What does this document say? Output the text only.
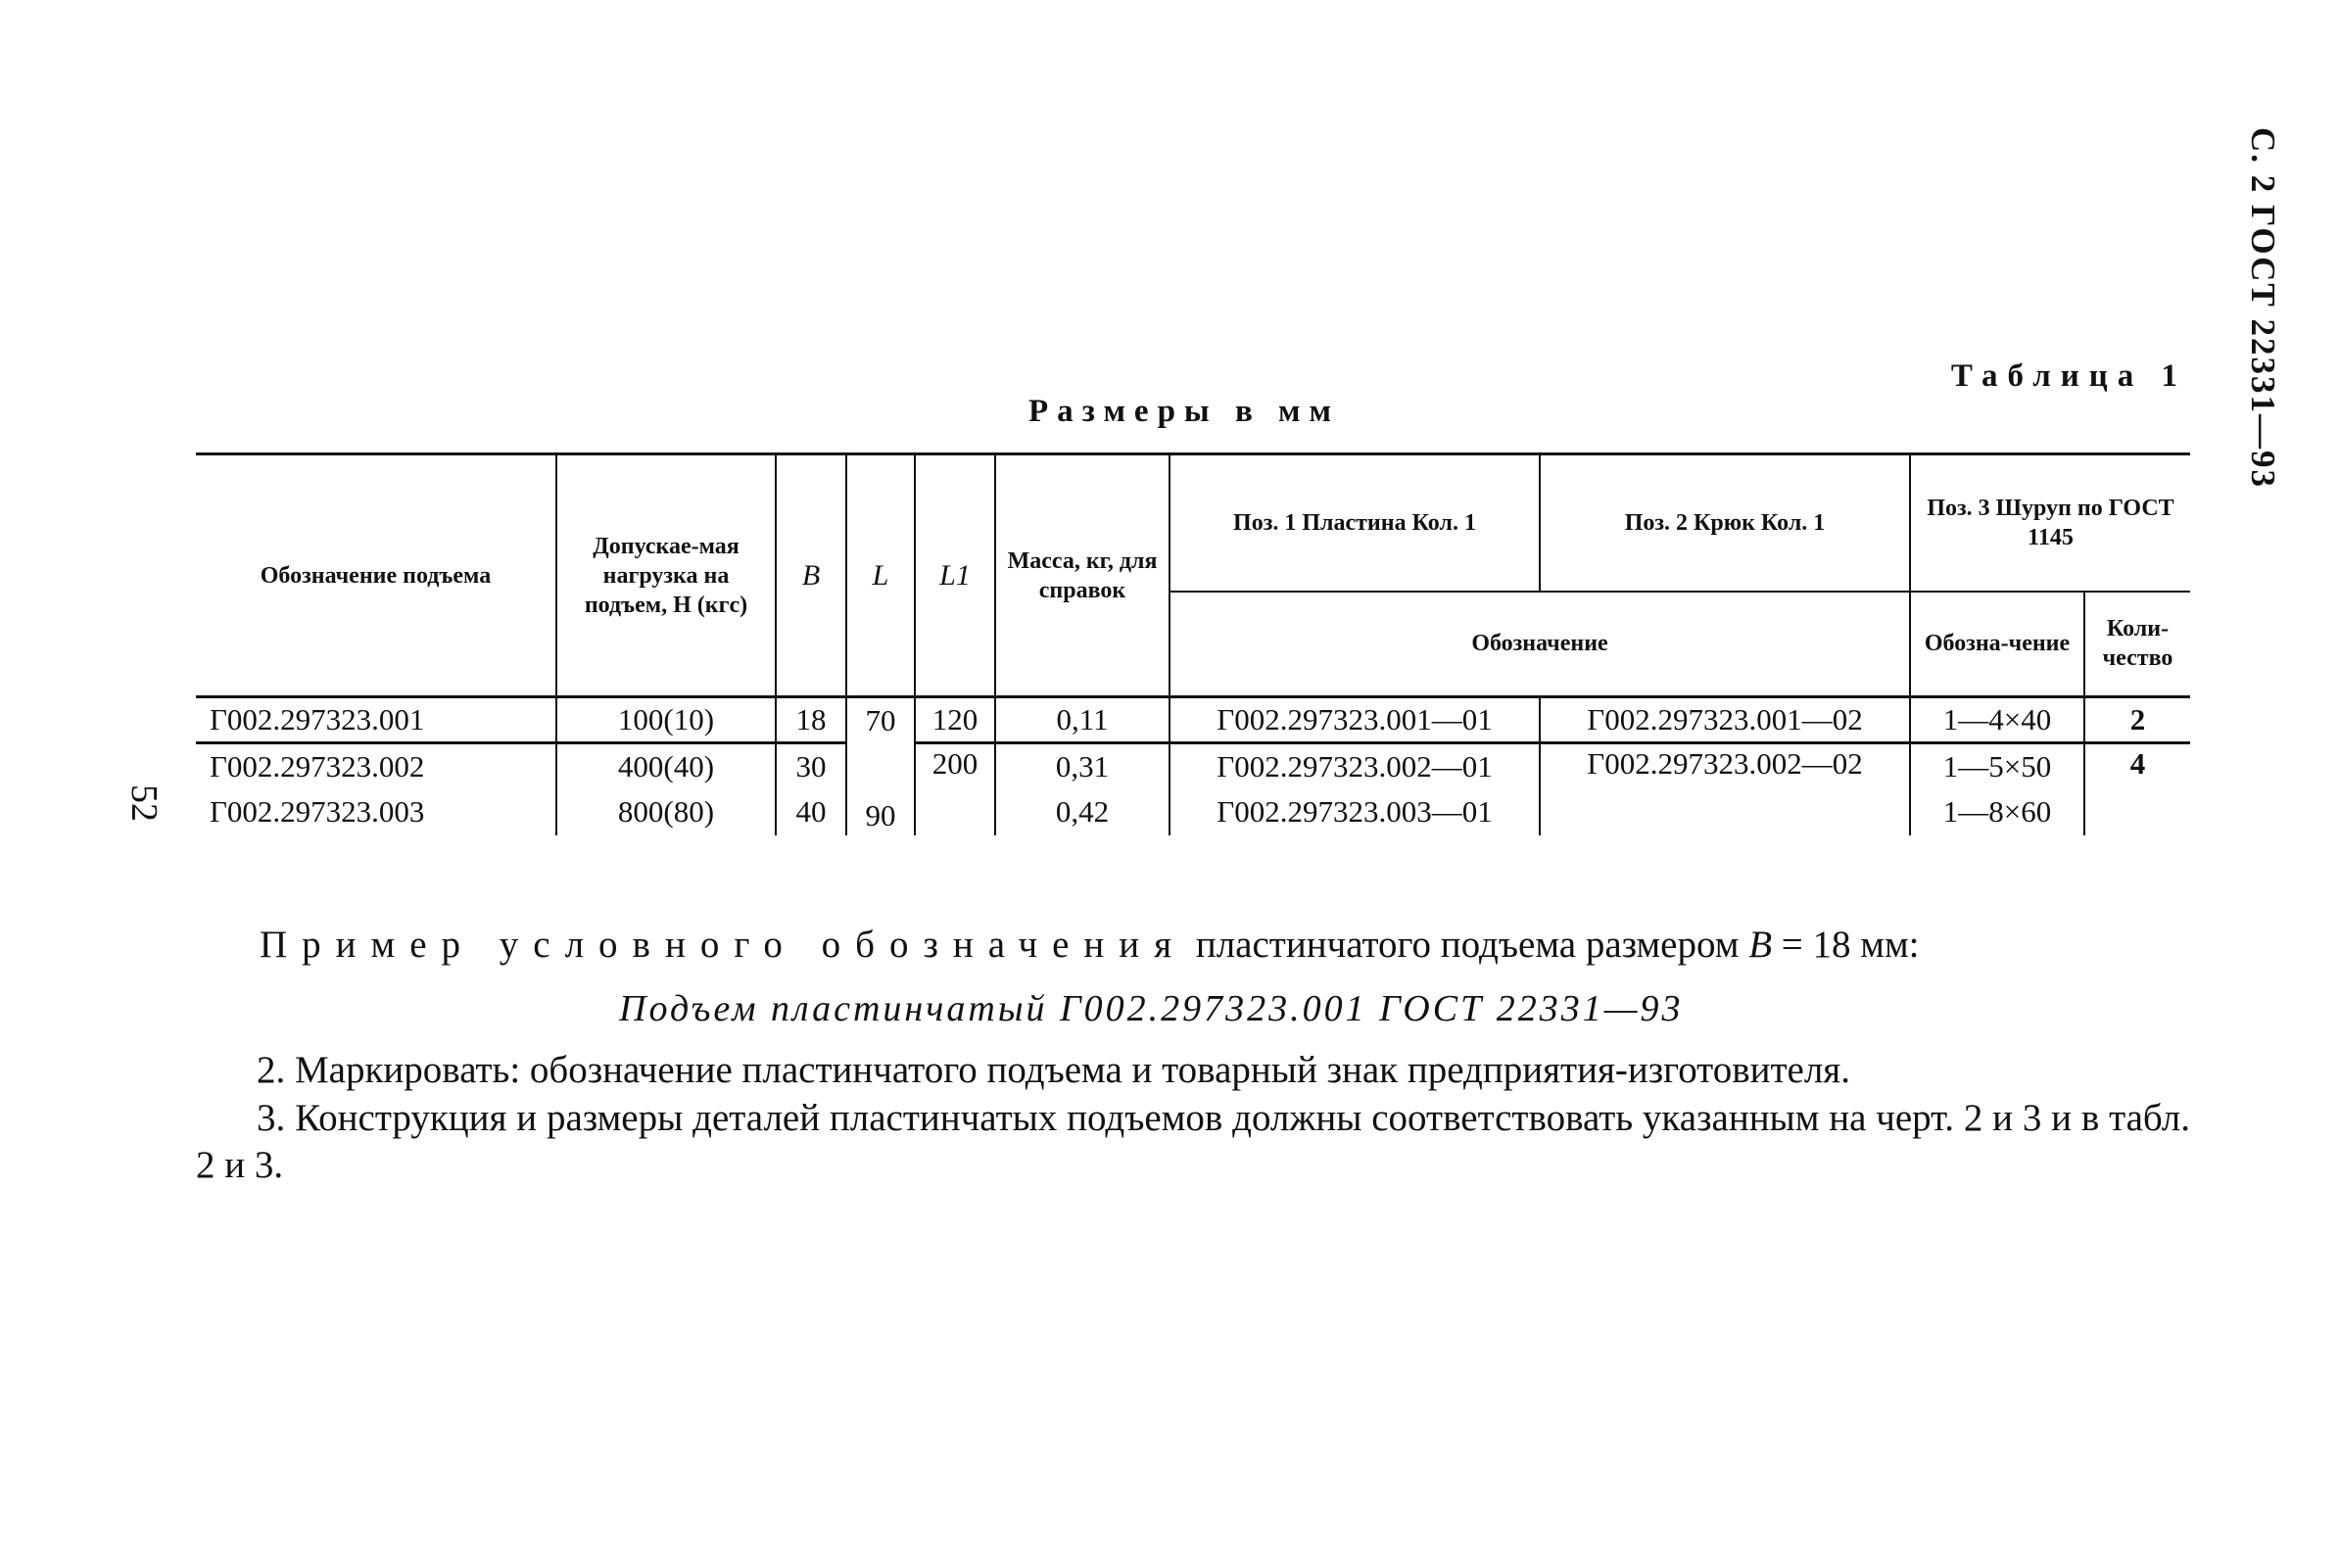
С. 2 ГОСТ 22331—93
52
Таблица 1
Размеры в мм
Обозначение подъема	Допускае-мая нагрузка на подъем, Н (кгс)	B	L	L1	Масса, кг, для справок	Поз. 1 Пластина Кол. 1	Поз. 2 Крюк Кол. 1	Поз. 3 Шуруп по ГОСТ 1145	
						Обозначение		Обозна-чение	Коли-чество
Г002.297323.001	100(10)	18	70	120	0,11	Г002.297323.001—01	Г002.297323.001—02	1—4×40	2
Г002.297323.002	400(40)	30	90	200	0,31	Г002.297323.002—01	Г002.297323.002—02	1—5×50	4
Г002.297323.003	800(80)	40			0,42	Г002.297323.003—01		1—8×60	
Пример условного обозначения пластинчатого подъема размером B = 18 мм:
Подъем пластинчатый Г002.297323.001 ГОСТ 22331—93
2. Маркировать: обозначение пластинчатого подъема и товарный знак предприятия-изготовителя.
3. Конструкция и размеры деталей пластинчатых подъемов должны соответствовать указанным на черт. 2 и 3 и в табл. 2 и 3.
